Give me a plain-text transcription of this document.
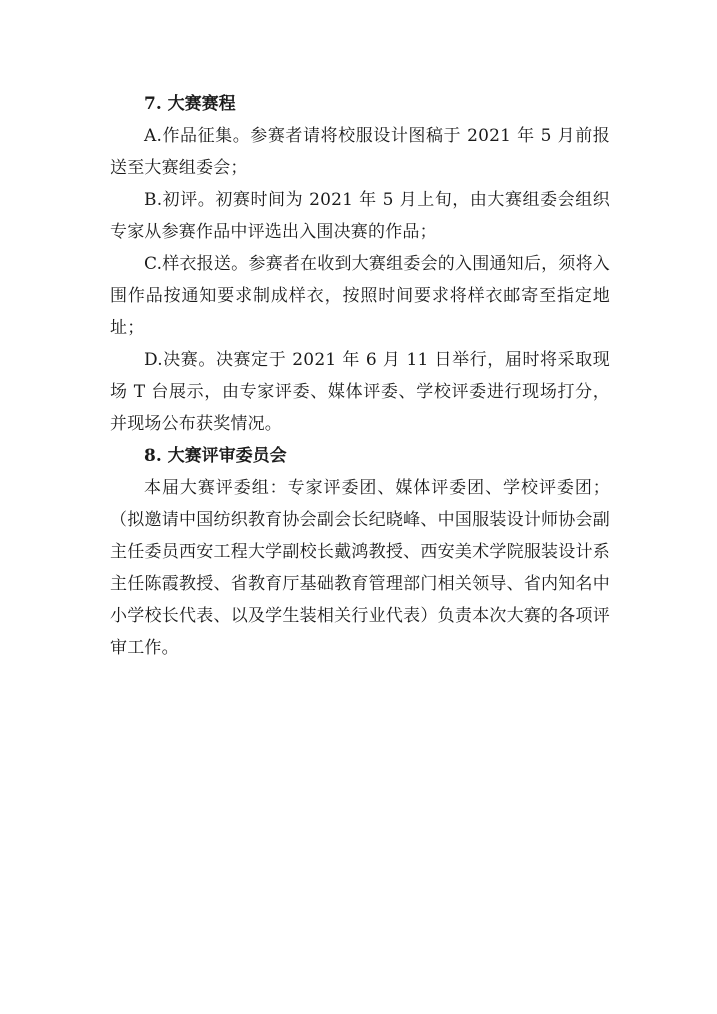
7. 大赛赛程

A.作品征集。参赛者请将校服设计图稿于 2021 年 5 月前报送至大赛组委会；

B.初评。初赛时间为 2021 年 5 月上旬，由大赛组委会组织专家从参赛作品中评选出入围决赛的作品；

C.样衣报送。参赛者在收到大赛组委会的入围通知后，须将入围作品按通知要求制成样衣，按照时间要求将样衣邮寄至指定地址；

D.决赛。决赛定于 2021 年 6 月 11 日举行，届时将采取现场 T 台展示，由专家评委、媒体评委、学校评委进行现场打分，并现场公布获奖情况。

8. 大赛评审委员会

本届大赛评委组：专家评委团、媒体评委团、学校评委团；（拟邀请中国纺织教育协会副会长纪晓峰、中国服装设计师协会副主任委员西安工程大学副校长戴鸿教授、西安美术学院服装设计系主任陈霞教授、省教育厅基础教育管理部门相关领导、省内知名中小学校长代表、以及学生装相关行业代表）负责本次大赛的各项评审工作。
